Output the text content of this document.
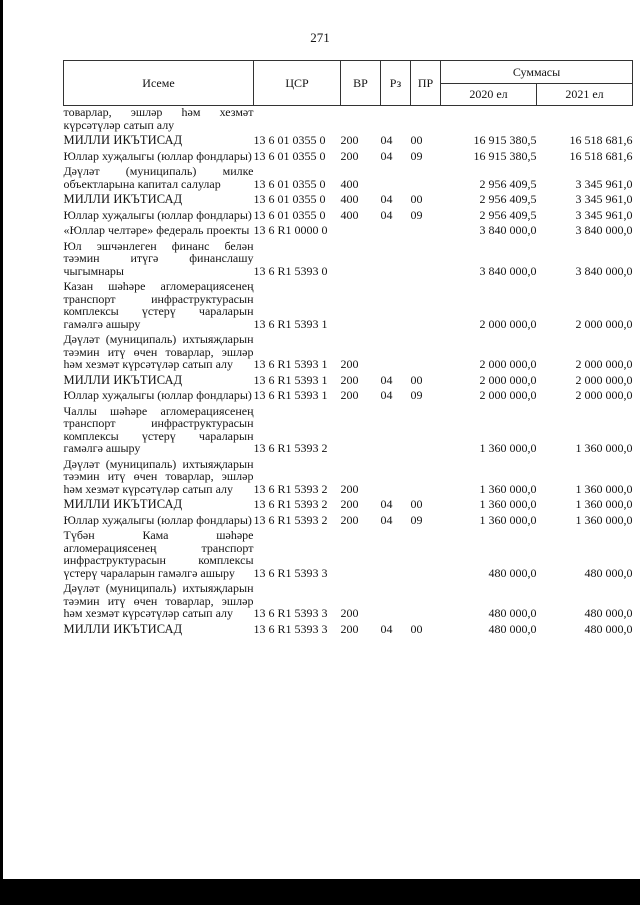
271
Исеме	ЦСР	ВР	Рз	ПР	Суммасы	
					2020 ел	2021 ел
товарлар, эшләр һәм хезмәт күрсәтүләр сатып алу						
МИЛЛИ ИКЪТИСАД	13 6 01 0355 0	200	04	00	16 915 380,5	16 518 681,6
Юллар хуҗалыгы (юллар фондлары)	13 6 01 0355 0	200	04	09	16 915 380,5	16 518 681,6
Дәүләт (муниципаль) милке объектларына капитал салулар	13 6 01 0355 0	400			2 956 409,5	3 345 961,0
МИЛЛИ ИКЪТИСАД	13 6 01 0355 0	400	04	00	2 956 409,5	3 345 961,0
Юллар хуҗалыгы (юллар фондлары)	13 6 01 0355 0	400	04	09	2 956 409,5	3 345 961,0
«Юллар челтәре» федераль проекты	13 6 R1 0000 0				3 840 000,0	3 840 000,0
Юл эшчәнлеген финанс белән тәэмин итүгә финанслашу чыгымнары	13 6 R1 5393 0				3 840 000,0	3 840 000,0
Казан шәһәре агломерациясенең транспорт инфраструктурасын комплексы үстерү чараларын гамәлгә ашыру	13 6 R1 5393 1				2 000 000,0	2 000 000,0
Дәүләт (муниципаль) ихтыяҗларын тәэмин итү өчен товарлар, эшләр һәм хезмәт күрсәтүләр сатып алу	13 6 R1 5393 1	200			2 000 000,0	2 000 000,0
МИЛЛИ ИКЪТИСАД	13 6 R1 5393 1	200	04	00	2 000 000,0	2 000 000,0
Юллар хуҗалыгы (юллар фондлары)	13 6 R1 5393 1	200	04	09	2 000 000,0	2 000 000,0
Чаллы шәһәре агломерациясенең транспорт инфраструктурасын комплексы үстерү чараларын гамәлгә ашыру	13 6 R1 5393 2				1 360 000,0	1 360 000,0
Дәүләт (муниципаль) ихтыяҗларын тәэмин итү өчен товарлар, эшләр һәм хезмәт күрсәтүләр сатып алу	13 6 R1 5393 2	200			1 360 000,0	1 360 000,0
МИЛЛИ ИКЪТИСАД	13 6 R1 5393 2	200	04	00	1 360 000,0	1 360 000,0
Юллар хуҗалыгы (юллар фондлары)	13 6 R1 5393 2	200	04	09	1 360 000,0	1 360 000,0
Түбән Кама шәһәре агломерациясенең транспорт инфраструктурасын комплексы үстерү чараларын гамәлгә ашыру	13 6 R1 5393 3				480 000,0	480 000,0
Дәүләт (муниципаль) ихтыяҗларын тәэмин итү өчен товарлар, эшләр һәм хезмәт күрсәтүләр сатып алу	13 6 R1 5393 3	200			480 000,0	480 000,0
МИЛЛИ ИКЪТИСАД	13 6 R1 5393 3	200	04	00	480 000,0	480 000,0
